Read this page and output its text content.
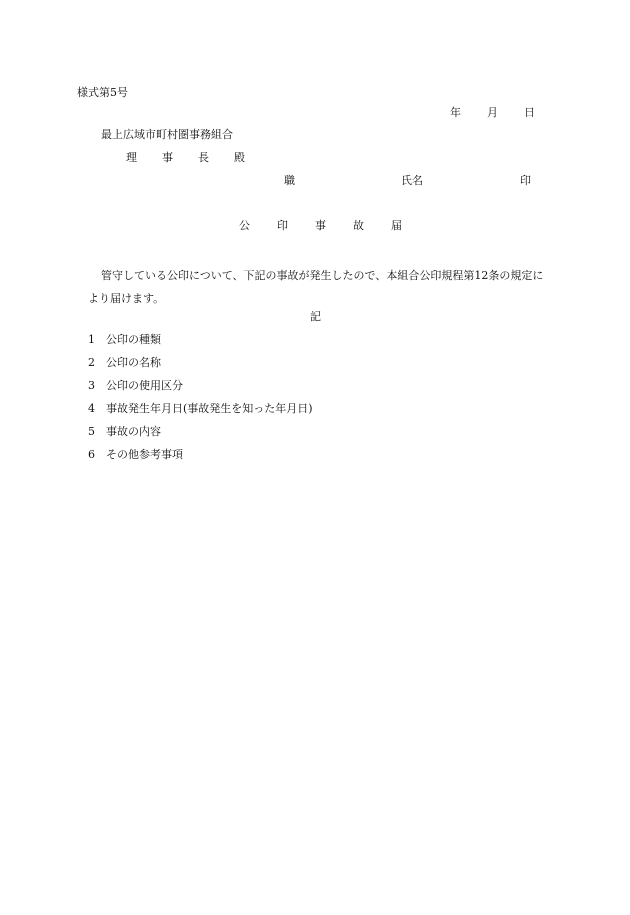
様式第5号
年 月 日
最上広域市町村圏事務組合
理 事 長 殿
職	氏名	印
公 印 事 故 届
管守している公印について、下記の事故が発生したので、本組合公印規程第12条の規定により届けます。
記
1 公印の種類
2 公印の名称
3 公印の使用区分
4 事故発生年月日(事故発生を知った年月日)
5 事故の内容
6 その他参考事項
